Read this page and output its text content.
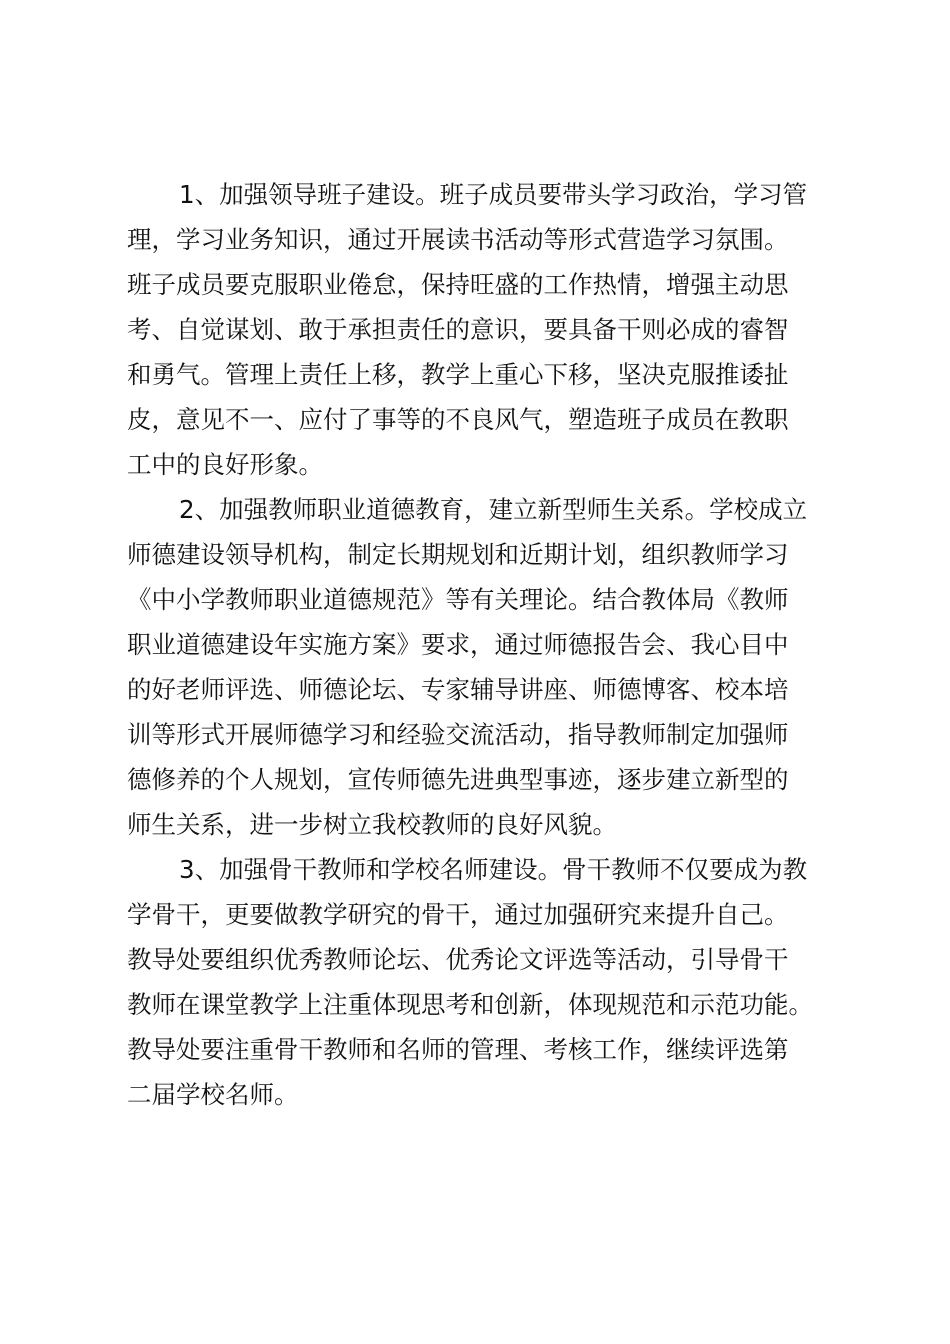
1、加强领导班子建设。班子成员要带头学习政治，学习管
理，学习业务知识，通过开展读书活动等形式营造学习氛围。
班子成员要克服职业倦怠，保持旺盛的工作热情，增强主动思
考、自觉谋划、敢于承担责任的意识，要具备干则必成的睿智
和勇气。管理上责任上移，教学上重心下移，坚决克服推诿扯
皮，意见不一、应付了事等的不良风气，塑造班子成员在教职
工中的良好形象。
2、加强教师职业道德教育，建立新型师生关系。学校成立
师德建设领导机构，制定长期规划和近期计划，组织教师学习
《中小学教师职业道德规范》等有关理论。结合教体局《教师
职业道德建设年实施方案》要求，通过师德报告会、我心目中
的好老师评选、师德论坛、专家辅导讲座、师德博客、校本培
训等形式开展师德学习和经验交流活动，指导教师制定加强师
德修养的个人规划，宣传师德先进典型事迹，逐步建立新型的
师生关系，进一步树立我校教师的良好风貌。
3、加强骨干教师和学校名师建设。骨干教师不仅要成为教
学骨干，更要做教学研究的骨干，通过加强研究来提升自己。
教导处要组织优秀教师论坛、优秀论文评选等活动，引导骨干
教师在课堂教学上注重体现思考和创新，体现规范和示范功能。
教导处要注重骨干教师和名师的管理、考核工作，继续评选第
二届学校名师。
